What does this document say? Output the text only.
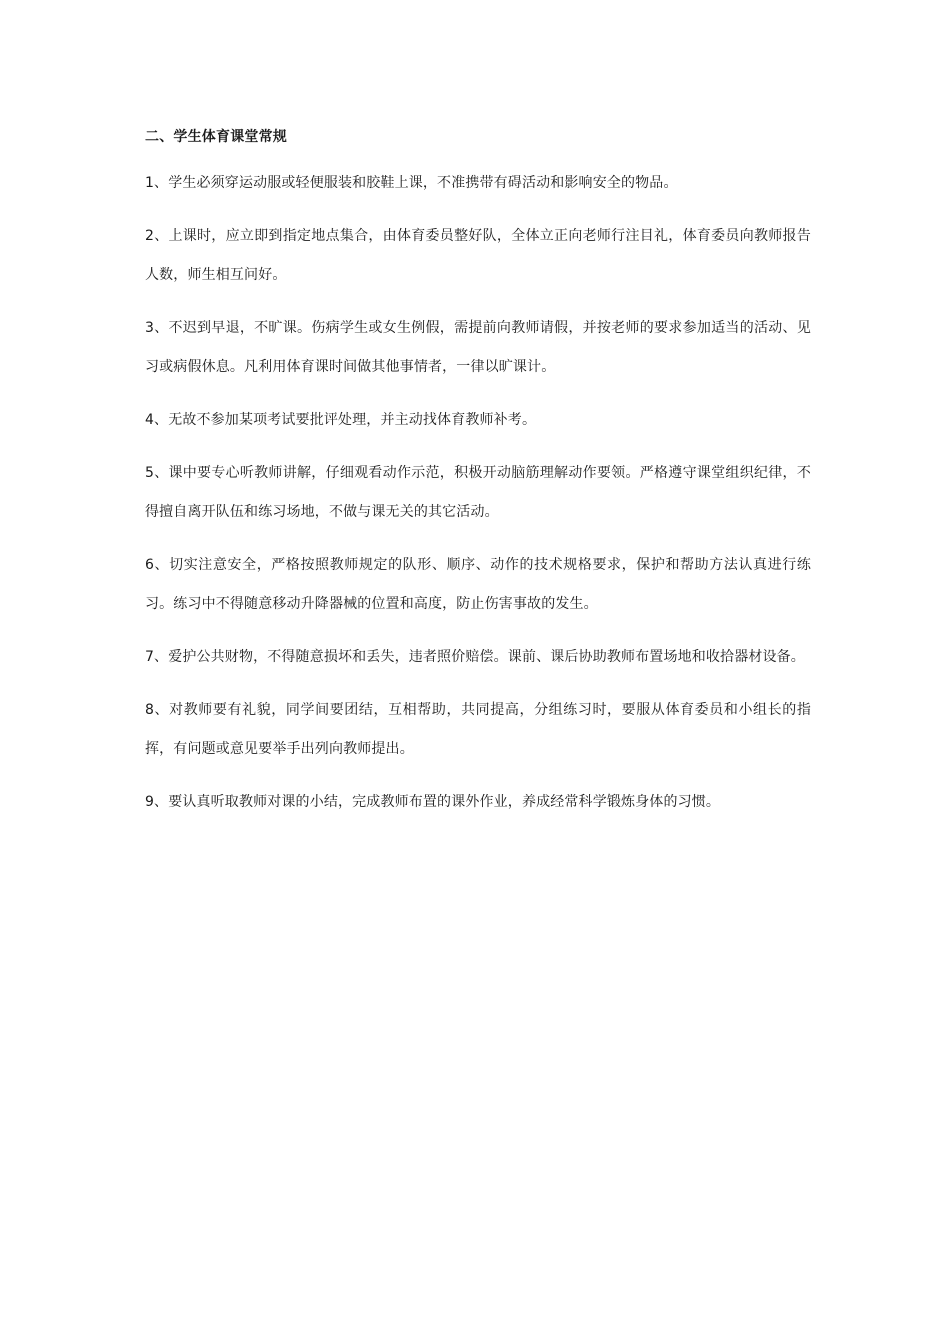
二、学生体育课堂常规

1、学生必须穿运动服或轻便服装和胶鞋上课，不准携带有碍活动和影响安全的物品。

2、上课时，应立即到指定地点集合，由体育委员整好队，全体立正向老师行注目礼，体育委员向教师报告人数，师生相互问好。

3、不迟到早退，不旷课。伤病学生或女生例假，需提前向教师请假，并按老师的要求参加适当的活动、见习或病假休息。凡利用体育课时间做其他事情者，一律以旷课计。

4、无故不参加某项考试要批评处理，并主动找体育教师补考。

5、课中要专心听教师讲解，仔细观看动作示范，积极开动脑筋理解动作要领。严格遵守课堂组织纪律，不得擅自离开队伍和练习场地，不做与课无关的其它活动。

6、切实注意安全，严格按照教师规定的队形、顺序、动作的技术规格要求，保护和帮助方法认真进行练习。练习中不得随意移动升降器械的位置和高度，防止伤害事故的发生。

7、爱护公共财物，不得随意损坏和丢失，违者照价赔偿。课前、课后协助教师布置场地和收拾器材设备。

8、对教师要有礼貌，同学间要团结，互相帮助，共同提高，分组练习时，要服从体育委员和小组长的指挥，有问题或意见要举手出列向教师提出。

9、要认真听取教师对课的小结，完成教师布置的课外作业，养成经常科学锻炼身体的习惯。
